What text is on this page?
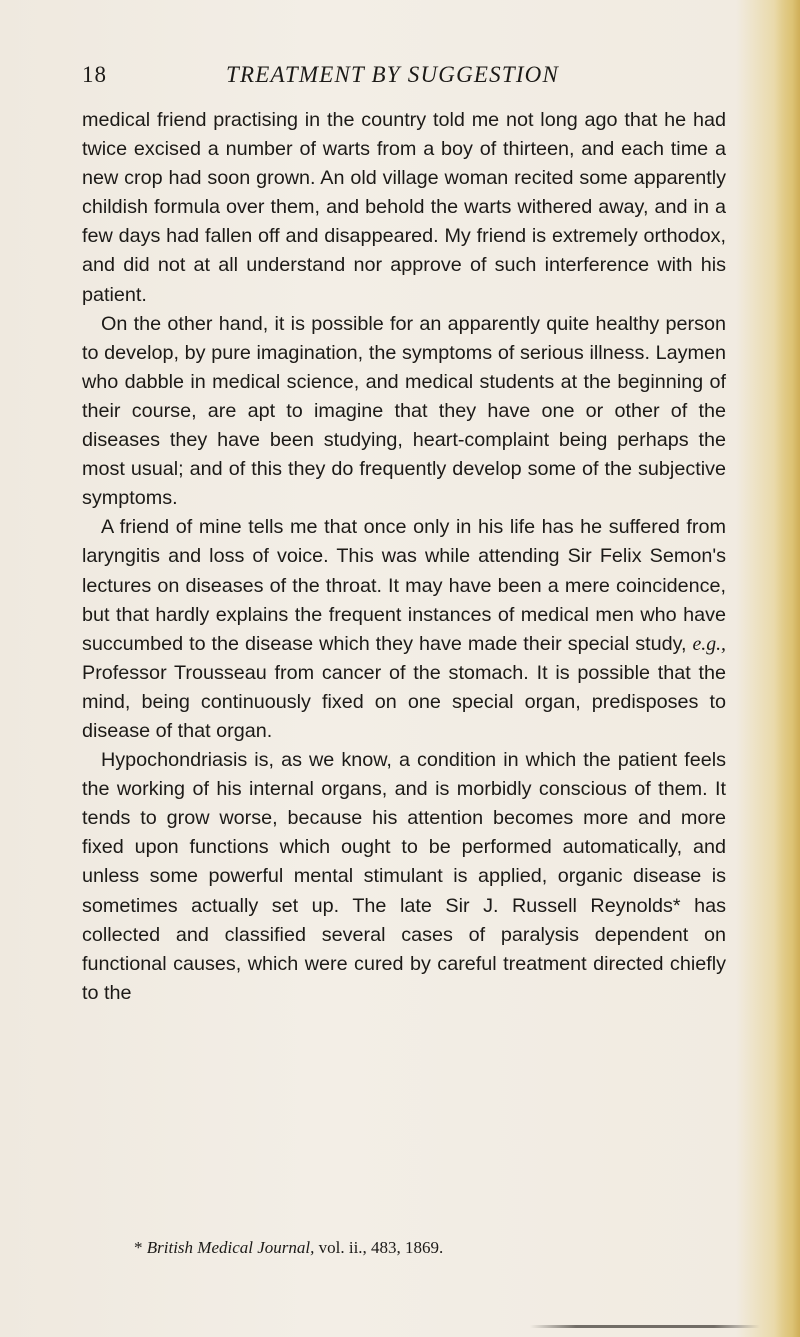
18	TREATMENT BY SUGGESTION

medical friend practising in the country told me not long ago that he had twice excised a number of warts from a boy of thirteen, and each time a new crop had soon grown. An old village woman recited some apparently childish formula over them, and behold the warts withered away, and in a few days had fallen off and disappeared. My friend is extremely orthodox, and did not at all understand nor approve of such interference with his patient.

On the other hand, it is possible for an apparently quite healthy person to develop, by pure imagination, the symptoms of serious illness. Laymen who dabble in medical science, and medical students at the beginning of their course, are apt to imagine that they have one or other of the diseases they have been studying, heart-complaint being perhaps the most usual; and of this they do frequently develop some of the subjective symptoms.

A friend of mine tells me that once only in his life has he suffered from laryngitis and loss of voice. This was while attending Sir Felix Semon's lectures on diseases of the throat. It may have been a mere coincidence, but that hardly explains the frequent instances of medical men who have succumbed to the disease which they have made their special study, e.g., Professor Trousseau from cancer of the stomach. It is possible that the mind, being continuously fixed on one special organ, predisposes to disease of that organ.

Hypochondriasis is, as we know, a condition in which the patient feels the working of his internal organs, and is morbidly conscious of them. It tends to grow worse, because his attention becomes more and more fixed upon functions which ought to be performed automatically, and unless some powerful mental stimulant is applied, organic disease is sometimes actually set up. The late Sir J. Russell Reynolds* has collected and classified several cases of paralysis dependent on functional causes, which were cured by careful treatment directed chiefly to the

* British Medical Journal, vol. ii., 483, 1869.
